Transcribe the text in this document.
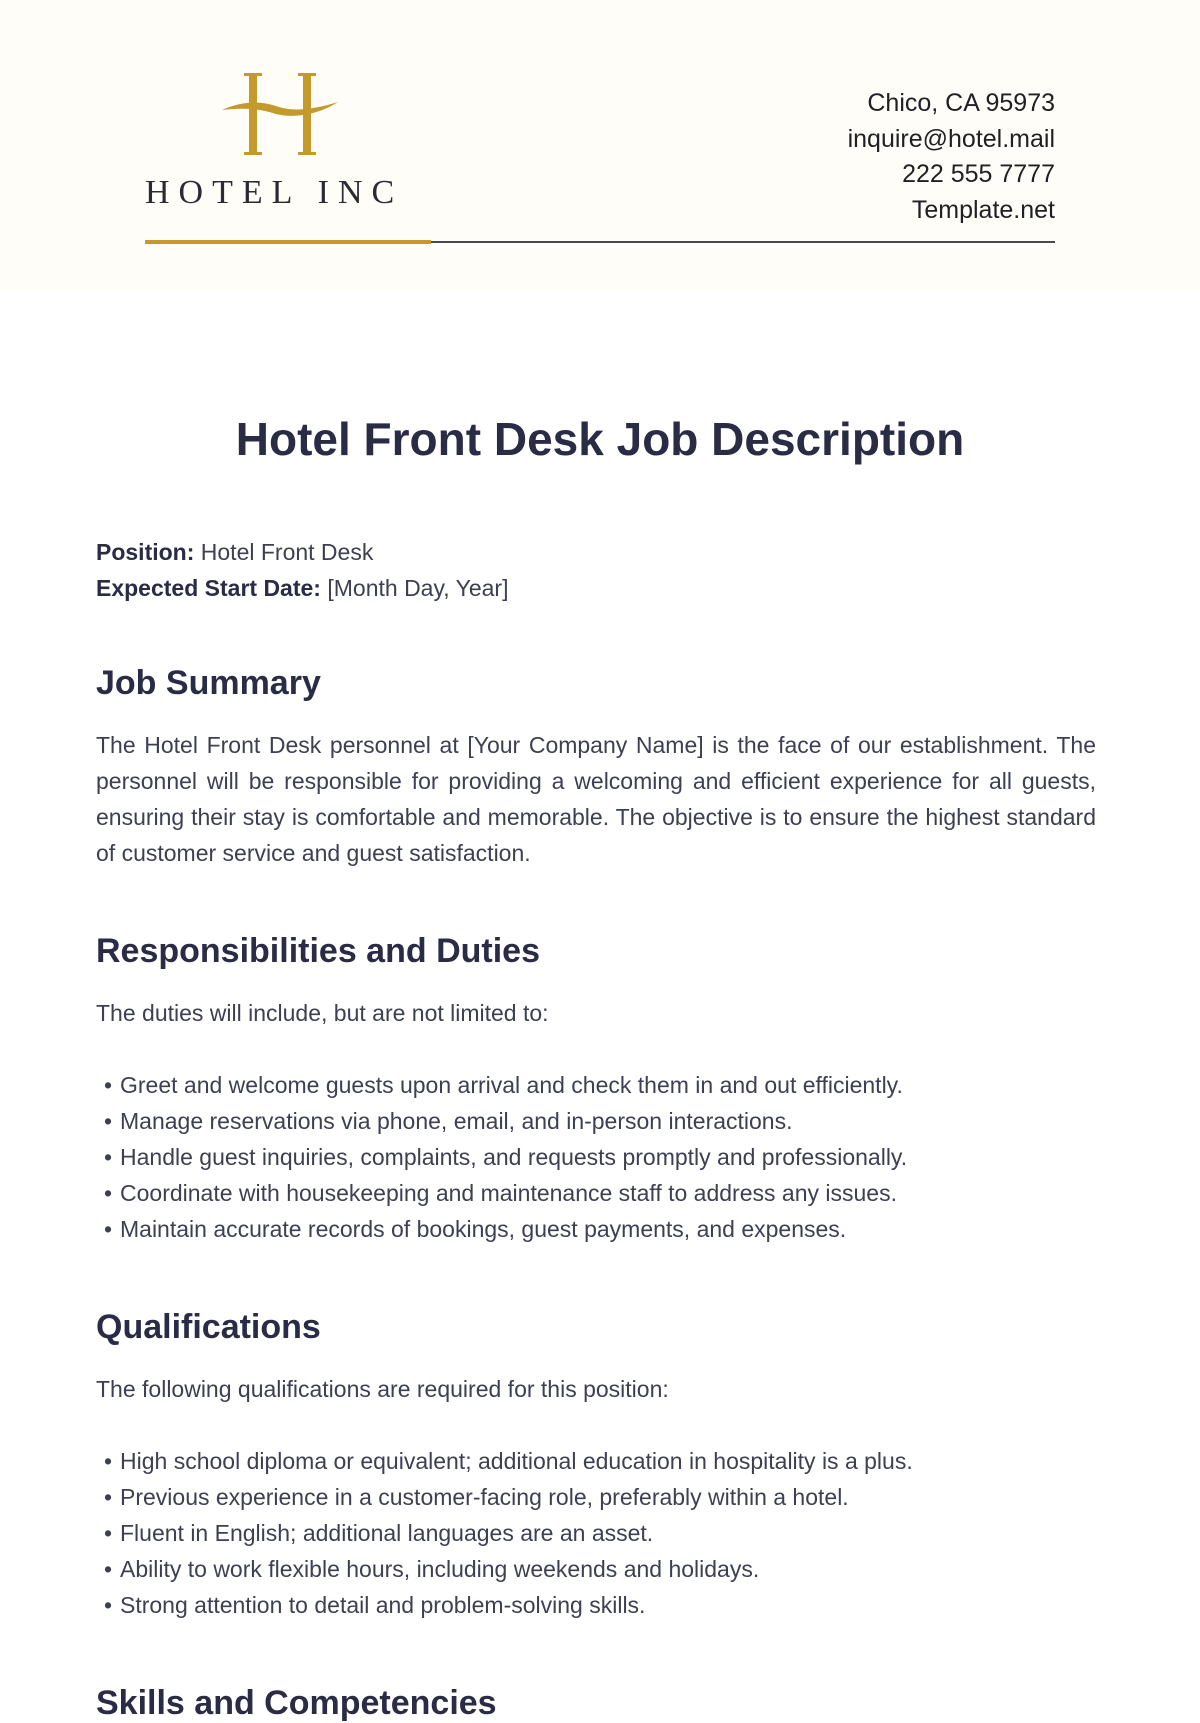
HOTEL INC
Chico, CA 95973
inquire@hotel.mail
222 555 7777
Template.net
Hotel Front Desk Job Description
Position: Hotel Front Desk
Expected Start Date: [Month Day, Year]
Job Summary

The Hotel Front Desk personnel at [Your Company Name] is the face of our establishment. The personnel will be responsible for providing a welcoming and efficient experience for all guests, ensuring their stay is comfortable and memorable. The objective is to ensure the highest standard of customer service and guest satisfaction.

Responsibilities and Duties

The duties will include, but are not limited to:

• Greet and welcome guests upon arrival and check them in and out efficiently.
• Manage reservations via phone, email, and in-person interactions.
• Handle guest inquiries, complaints, and requests promptly and professionally.
• Coordinate with housekeeping and maintenance staff to address any issues.
• Maintain accurate records of bookings, guest payments, and expenses.
Qualifications

The following qualifications are required for this position:

• High school diploma or equivalent; additional education in hospitality is a plus.
• Previous experience in a customer-facing role, preferably within a hotel.
• Fluent in English; additional languages are an asset.
• Ability to work flexible hours, including weekends and holidays.
• Strong attention to detail and problem-solving skills.
Skills and Competencies
